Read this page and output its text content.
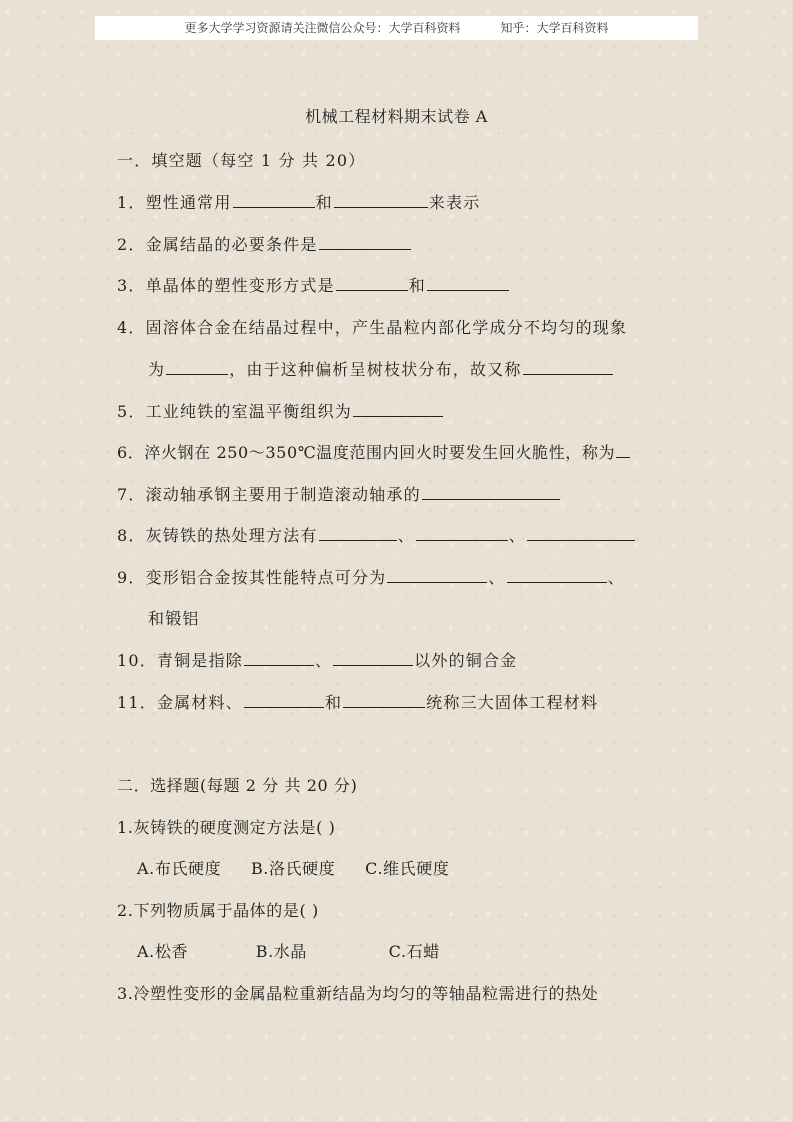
更多大学学习资源请关注微信公众号：大学百科资料	知乎：大学百科资料
机械工程材料期末试卷 A
一．填空题（每空 1 分 共 20）
1．塑性通常用	和	来表示
2．金属结晶的必要条件是
3．单晶体的塑性变形方式是	和
4．固溶体合金在结晶过程中，产生晶粒内部化学成分不均匀的现象
为	，由于这种偏析呈树枝状分布，故又称
5．工业纯铁的室温平衡组织为
6．淬火钢在 250～350℃温度范围内回火时要发生回火脆性，称为
7．滚动轴承钢主要用于制造滚动轴承的
8．灰铸铁的热处理方法有	、	、
9．变形铝合金按其性能特点可分为	、	、
和锻铝
10．青铜是指除	、	以外的铜合金
11．金属材料、	和	统称三大固体工程材料
二．选择题(每题 2 分 共 20 分)
1.灰铸铁的硬度测定方法是( )
A.布氏硬度 B.洛氏硬度 C.维氏硬度
2.下列物质属于晶体的是( )
A.松香	B.水晶	C.石蜡
3.冷塑性变形的金属晶粒重新结晶为均匀的等轴晶粒需进行的热处
